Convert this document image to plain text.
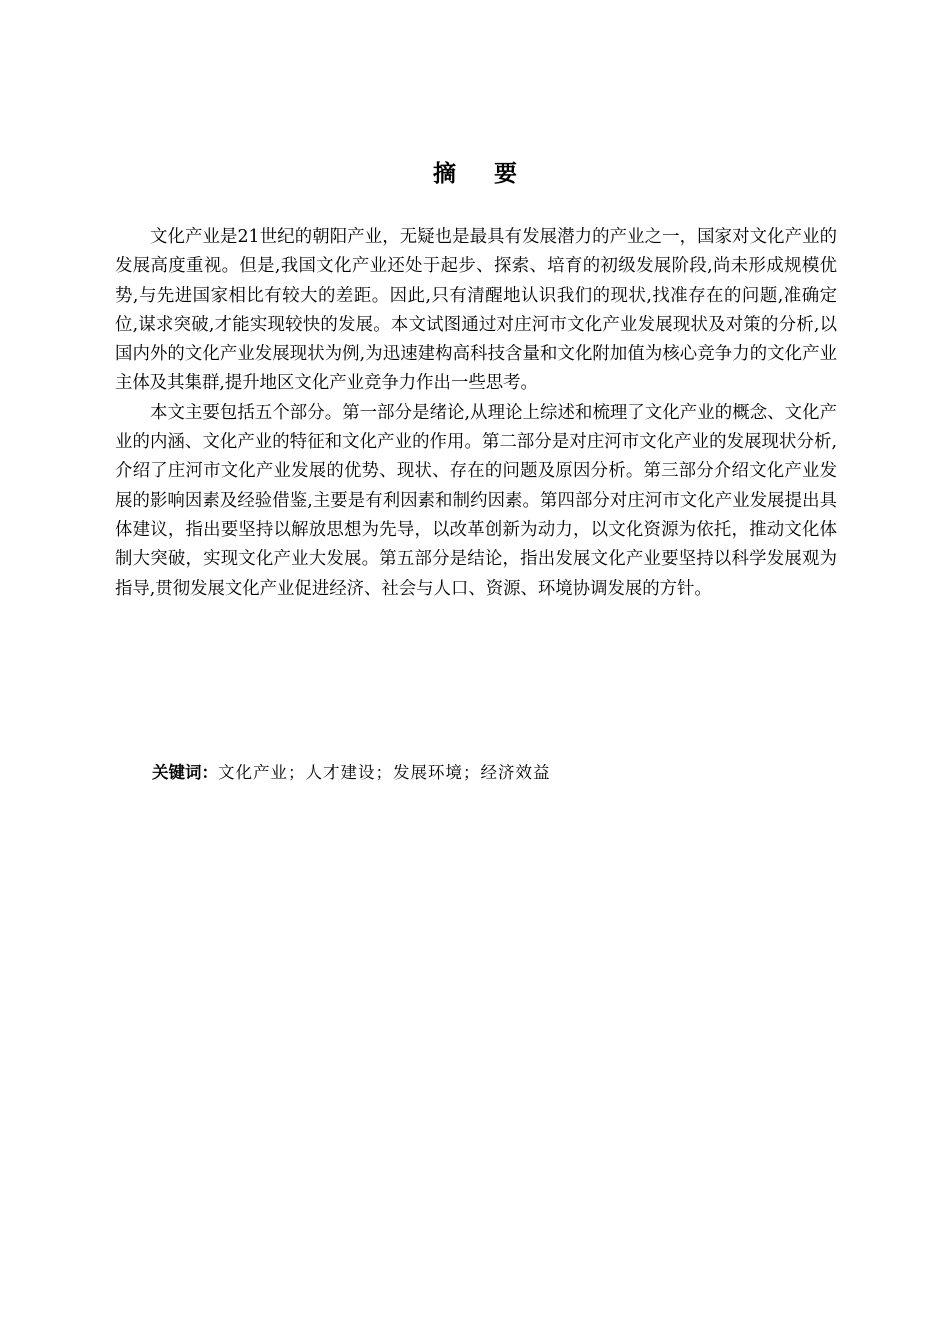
摘要

文化产业是21世纪的朝阳产业，无疑也是最具有发展潜力的产业之一，国家对文化产业的发展高度重视。但是,我国文化产业还处于起步、探索、培育的初级发展阶段,尚未形成规模优势,与先进国家相比有较大的差距。因此,只有清醒地认识我们的现状,找准存在的问题,准确定位,谋求突破,才能实现较快的发展。本文试图通过对庄河市文化产业发展现状及对策的分析,以国内外的文化产业发展现状为例,为迅速建构高科技含量和文化附加值为核心竞争力的文化产业主体及其集群,提升地区文化产业竞争力作出一些思考。

本文主要包括五个部分。第一部分是绪论,从理论上综述和梳理了文化产业的概念、文化产业的内涵、文化产业的特征和文化产业的作用。第二部分是对庄河市文化产业的发展现状分析,介绍了庄河市文化产业发展的优势、现状、存在的问题及原因分析。第三部分介绍文化产业发展的影响因素及经验借鉴,主要是有利因素和制约因素。第四部分对庄河市文化产业发展提出具体建议，指出要坚持以解放思想为先导，以改革创新为动力，以文化资源为依托，推动文化体制大突破，实现文化产业大发展。第五部分是结论，指出发展文化产业要坚持以科学发展观为指导,贯彻发展文化产业促进经济、社会与人口、资源、环境协调发展的方针。

关键词：文化产业；人才建设；发展环境；经济效益
